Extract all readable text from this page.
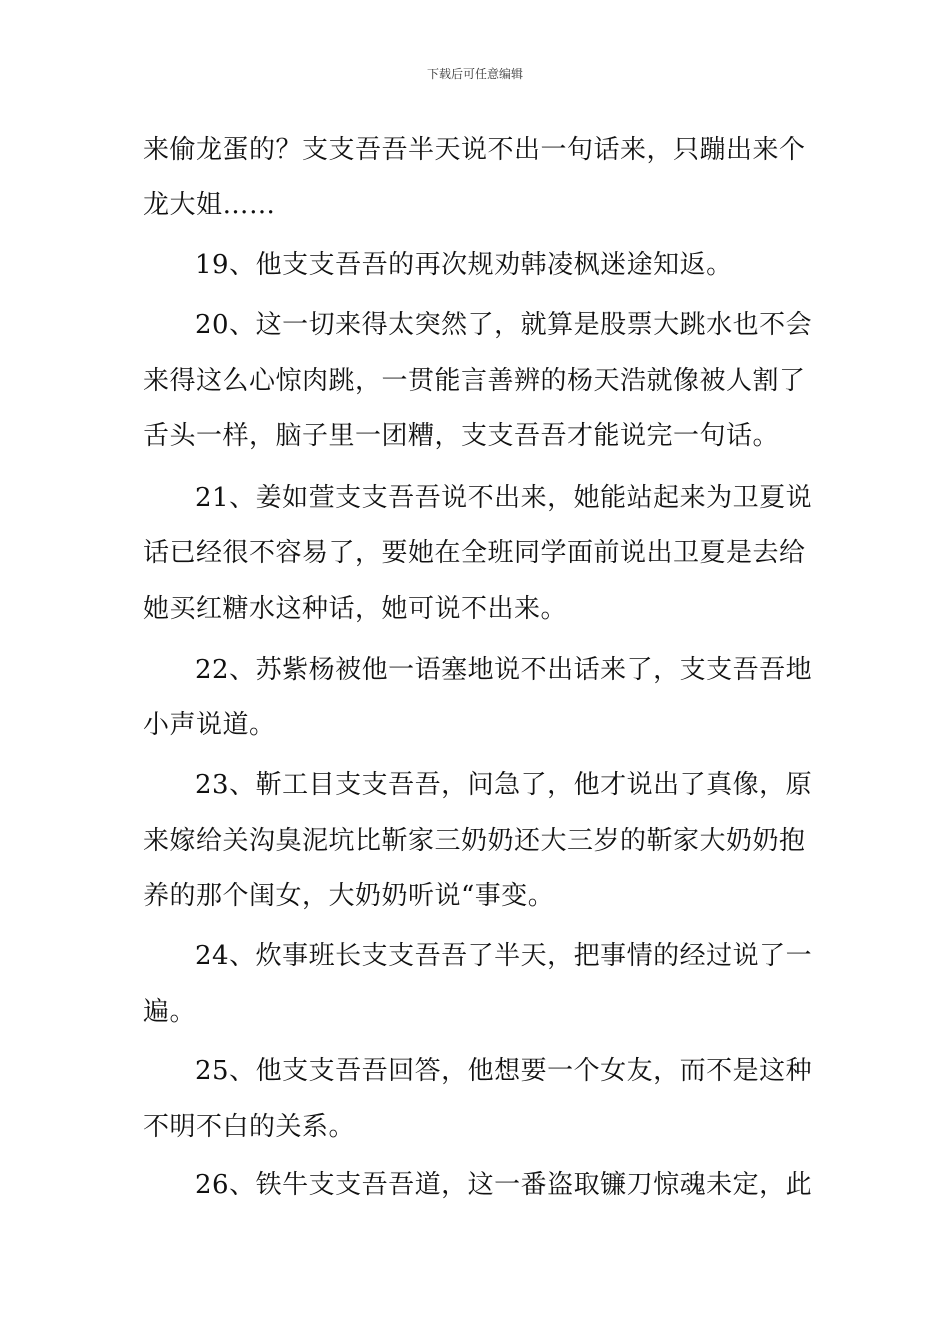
下载后可任意编辑
来偷龙蛋的？支支吾吾半天说不出一句话来，只蹦出来个
龙大姐……
19、他支支吾吾的再次规劝韩凌枫迷途知返。
20、这一切来得太突然了，就算是股票大跳水也不会
来得这么心惊肉跳，一贯能言善辨的杨天浩就像被人割了
舌头一样，脑子里一团糟，支支吾吾才能说完一句话。
21、姜如萱支支吾吾说不出来，她能站起来为卫夏说
话已经很不容易了，要她在全班同学面前说出卫夏是去给
她买红糖水这种话，她可说不出来。
22、苏紫杨被他一语塞地说不出话来了，支支吾吾地
小声说道。
23、靳工目支支吾吾，问急了，他才说出了真像，原
来嫁给关沟臭泥坑比靳家三奶奶还大三岁的靳家大奶奶抱
养的那个闺女，大奶奶听说“事变。
24、炊事班长支支吾吾了半天，把事情的经过说了一
遍。
25、他支支吾吾回答，他想要一个女友，而不是这种
不明不白的关系。
26、铁牛支支吾吾道，这一番盗取镰刀惊魂未定，此
